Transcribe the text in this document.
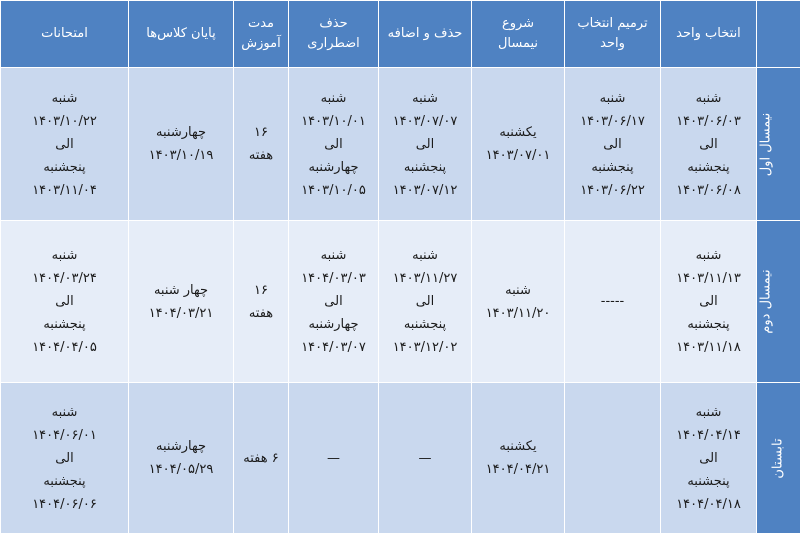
	انتخاب واحد	ترمیم انتخاب
واحد	شروع
نیمسال	حذف و اضافه	حذف
اضطراری	مدت
آموزش	پایان کلاس‌ها	امتحانات
نیمسال اول	شنبه
۱۴۰۳/۰۶/۰۳
الی
پنجشنبه
۱۴۰۳/۰۶/۰۸	شنبه
۱۴۰۳/۰۶/۱۷
الی
پنجشنبه
۱۴۰۳/۰۶/۲۲	یکشنبه
۱۴۰۳/۰۷/۰۱	شنبه
۱۴۰۳/۰۷/۰۷
الی
پنجشنبه
۱۴۰۳/۰۷/۱۲	شنبه
۱۴۰۳/۱۰/۰۱
الی
چهارشنبه
۱۴۰۳/۱۰/۰۵	۱۶
هفته	چهارشنبه
۱۴۰۳/۱۰/۱۹	شنبه
۱۴۰۳/۱۰/۲۲
الی
پنجشنبه
۱۴۰۳/۱۱/۰۴
نیمسال دوم	شنبه
۱۴۰۳/۱۱/۱۳
الی
پنجشنبه
۱۴۰۳/۱۱/۱۸	-----	شنبه
۱۴۰۳/۱۱/۲۰	شنبه
۱۴۰۳/۱۱/۲۷
الی
پنجشنبه
۱۴۰۳/۱۲/۰۲	شنبه
۱۴۰۴/۰۳/۰۳
الی
چهارشنبه
۱۴۰۴/۰۳/۰۷	۱۶
هفته	چهار شنبه
۱۴۰۴/۰۳/۲۱	شنبه
۱۴۰۴/۰۳/۲۴
الی
پنجشنبه
۱۴۰۴/۰۴/۰۵
تابستان	شنبه
۱۴۰۴/۰۴/۱۴
الی
پنجشنبه
۱۴۰۴/۰۴/۱۸		یکشنبه
۱۴۰۴/۰۴/۲۱	—	—	۶ هفته	چهارشنبه
۱۴۰۴/۰۵/۲۹	شنبه
۱۴۰۴/۰۶/۰۱
الی
پنجشنبه
۱۴۰۴/۰۶/۰۶
